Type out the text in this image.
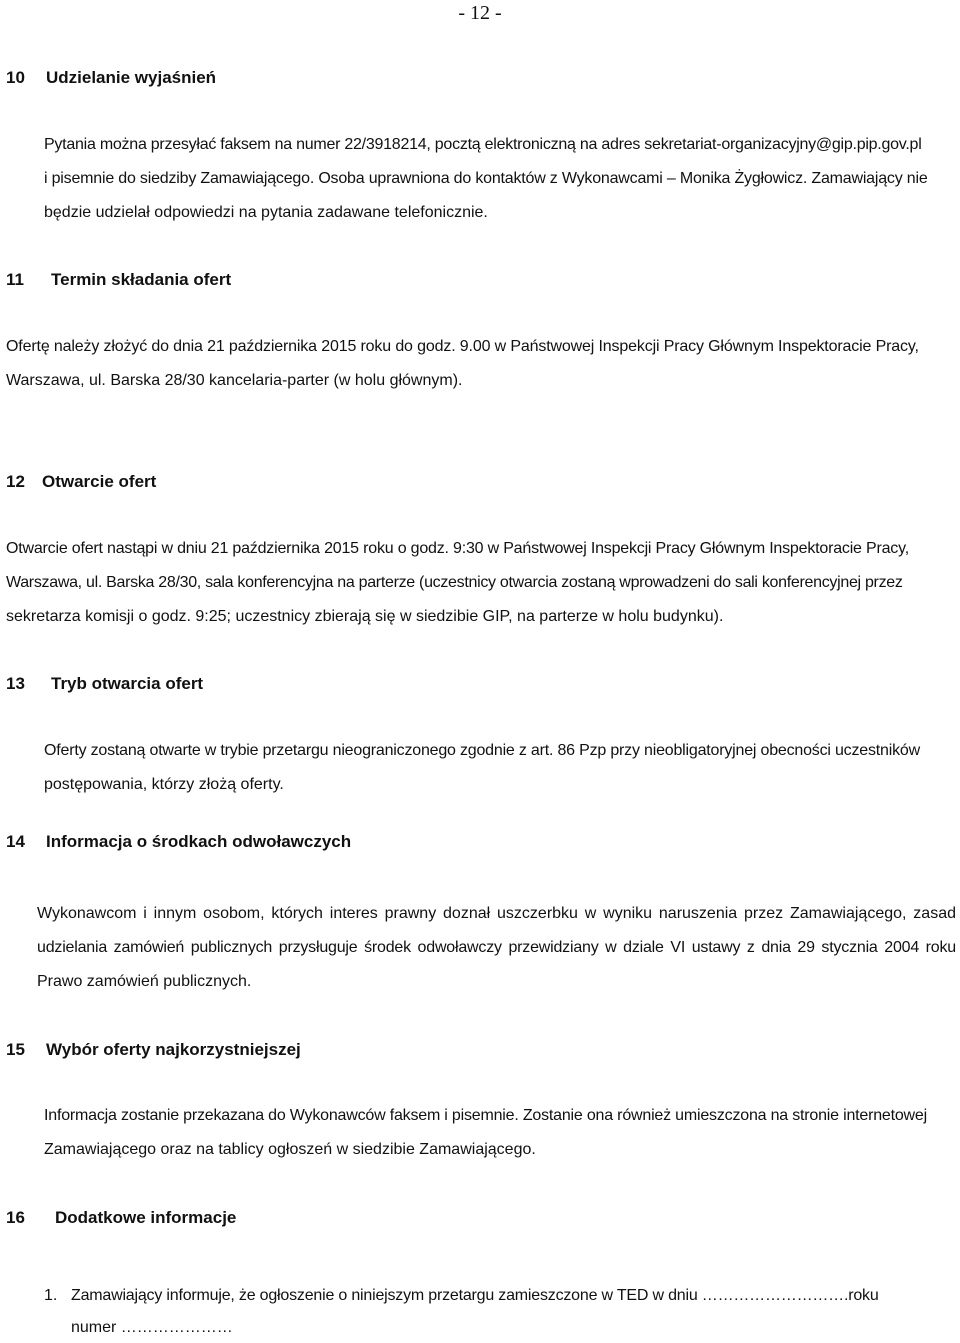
- 12 -
10 Udzielanie wyjaśnień
Pytania można przesyłać faksem na numer 22/3918214, pocztą elektroniczną na adres sekretariat-organizacyjny@gip.pip.gov.pl
i pisemnie do siedziby Zamawiającego. Osoba uprawniona do kontaktów z Wykonawcami – Monika Żygłowicz. Zamawiający nie
będzie udzielał odpowiedzi na pytania zadawane telefonicznie.
11 Termin składania ofert
Ofertę należy złożyć do dnia 21 października 2015 roku do godz. 9.00 w Państwowej Inspekcji Pracy Głównym Inspektoracie Pracy,
Warszawa, ul. Barska 28/30 kancelaria-parter (w holu głównym).
12 Otwarcie ofert
Otwarcie ofert nastąpi w dniu 21 października 2015 roku o godz. 9:30 w Państwowej Inspekcji Pracy Głównym Inspektoracie Pracy,
Warszawa, ul. Barska 28/30, sala konferencyjna na parterze (uczestnicy otwarcia zostaną wprowadzeni do sali konferencyjnej przez
sekretarza komisji o godz. 9:25; uczestnicy zbierają się w siedzibie GIP, na parterze w holu budynku).
13 Tryb otwarcia ofert
Oferty zostaną otwarte w trybie przetargu nieograniczonego zgodnie z art. 86 Pzp przy nieobligatoryjnej obecności uczestników
postępowania, którzy złożą oferty.
14 Informacja o środkach odwoławczych
Wykonawcom i innym osobom, których interes prawny doznał uszczerbku w wyniku naruszenia przez Zamawiającego, zasad
udzielania zamówień publicznych przysługuje środek odwoławczy przewidziany w dziale VI ustawy z dnia 29 stycznia 2004 roku
Prawo zamówień publicznych.
15 Wybór oferty najkorzystniejszej
Informacja zostanie przekazana do Wykonawców faksem i pisemnie. Zostanie ona również umieszczona na stronie internetowej
Zamawiającego oraz na tablicy ogłoszeń w siedzibie Zamawiającego.
16 Dodatkowe informacje
1. Zamawiający informuje, że ogłoszenie o niniejszym przetargu zamieszczone w TED w dniu ……………………….roku
numer …………………
